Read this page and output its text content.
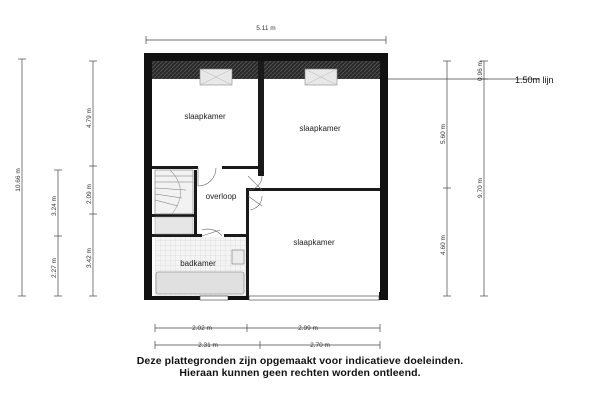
5.11 m
slaapkamer
slaapkamer
overloop
slaapkamer
badkamer
10.66 m
4.79 m
2.09 m
3.24 m
2.27 m
3.42 m
1.50m lijn
0.96 m
5.60 m
4.60 m
9.70 m
2.02 m	2.99 m
2.31 m	2.70 m
Deze plattegronden zijn opgemaakt voor indicatieve doeleinden.
Hieraan kunnen geen rechten worden ontleend.
